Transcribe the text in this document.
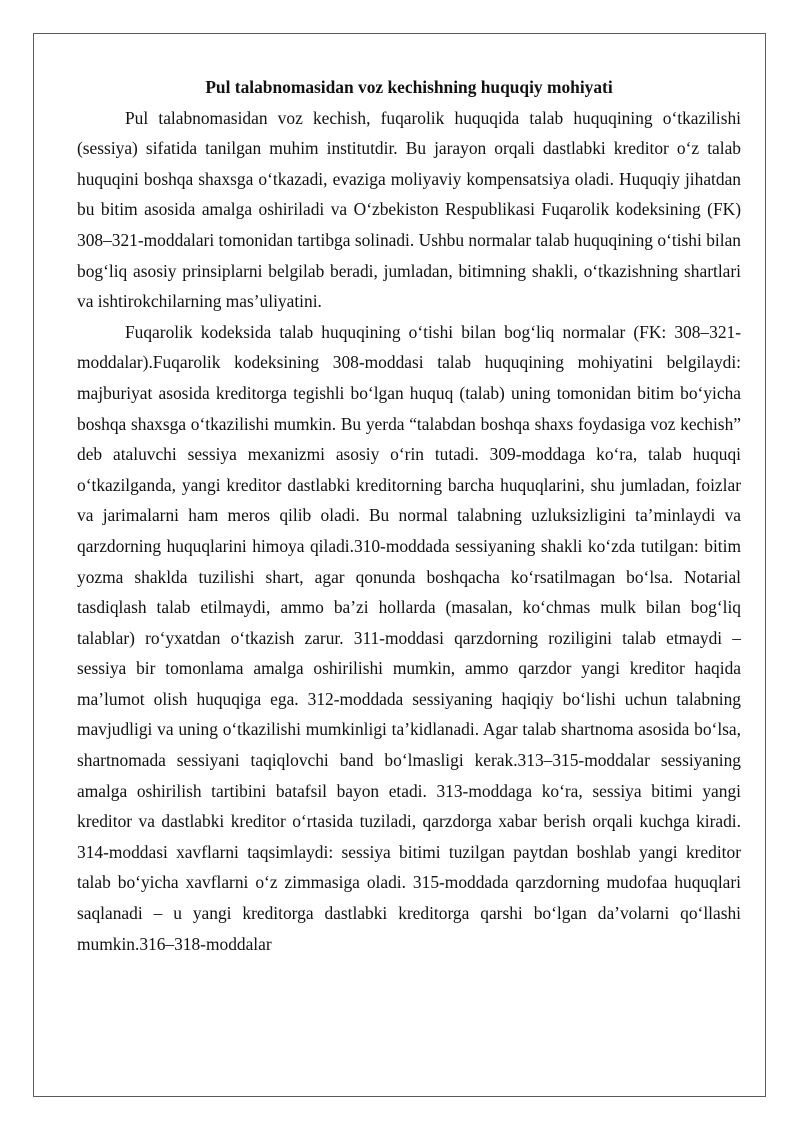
Pul talabnomasidan voz kechishning huquqiy mohiyati

Pul talabnomasidan voz kechish, fuqarolik huquqida talab huquqining o‘tkazilishi (sessiya) sifatida tanilgan muhim institutdir. Bu jarayon orqali dastlabki kreditor o‘z talab huquqini boshqa shaxsga o‘tkazadi, evaziga moliyaviy kompensatsiya oladi. Huquqiy jihatdan bu bitim asosida amalga oshiriladi va O‘zbekiston Respublikasi Fuqarolik kodeksining (FK) 308–321-moddalari tomonidan tartibga solinadi. Ushbu normalar talab huquqining o‘tishi bilan bog‘liq asosiy prinsiplarni belgilab beradi, jumladan, bitimning shakli, o‘tkazishning shartlari va ishtirokchilarning mas’uliyatini.

Fuqarolik kodeksida talab huquqining o‘tishi bilan bog‘liq normalar (FK: 308–321-moddalar).Fuqarolik kodeksining 308-moddasi talab huquqining mohiyatini belgilaydi: majburiyat asosida kreditorga tegishli bo‘lgan huquq (talab) uning tomonidan bitim bo‘yicha boshqa shaxsga o‘tkazilishi mumkin. Bu yerda “talabdan boshqa shaxs foydasiga voz kechish” deb ataluvchi sessiya mexanizmi asosiy o‘rin tutadi. 309-moddaga ko‘ra, talab huquqi o‘tkazilganda, yangi kreditor dastlabki kreditorning barcha huquqlarini, shu jumladan, foizlar va jarimalarni ham meros qilib oladi. Bu normal talabning uzluksizligini ta’minlaydi va qarzdorning huquqlarini himoya qiladi.310-moddada sessiyaning shakli ko‘zda tutilgan: bitim yozma shaklda tuzilishi shart, agar qonunda boshqacha ko‘rsatilmagan bo‘lsa. Notarial tasdiqlash talab etilmaydi, ammo ba’zi hollarda (masalan, ko‘chmas mulk bilan bog‘liq talablar) ro‘yxatdan o‘tkazish zarur. 311-moddasi qarzdorning roziligini talab etmaydi – sessiya bir tomonlama amalga oshirilishi mumkin, ammo qarzdor yangi kreditor haqida ma’lumot olish huquqiga ega. 312-moddada sessiyaning haqiqiy bo‘lishi uchun talabning mavjudligi va uning o‘tkazilishi mumkinligi ta’kidlanadi. Agar talab shartnoma asosida bo‘lsa, shartnomada sessiyani taqiqlovchi band bo‘lmasligi kerak.313–315-moddalar sessiyaning amalga oshirilish tartibini batafsil bayon etadi. 313-moddaga ko‘ra, sessiya bitimi yangi kreditor va dastlabki kreditor o‘rtasida tuziladi, qarzdorga xabar berish orqali kuchga kiradi. 314-moddasi xavflarni taqsimlaydi: sessiya bitimi tuzilgan paytdan boshlab yangi kreditor talab bo‘yicha xavflarni o‘z zimmasiga oladi. 315-moddada qarzdorning mudofaa huquqlari saqlanadi – u yangi kreditorga dastlabki kreditorga qarshi bo‘lgan da’volarni qo‘llashi mumkin.316–318-moddalar
